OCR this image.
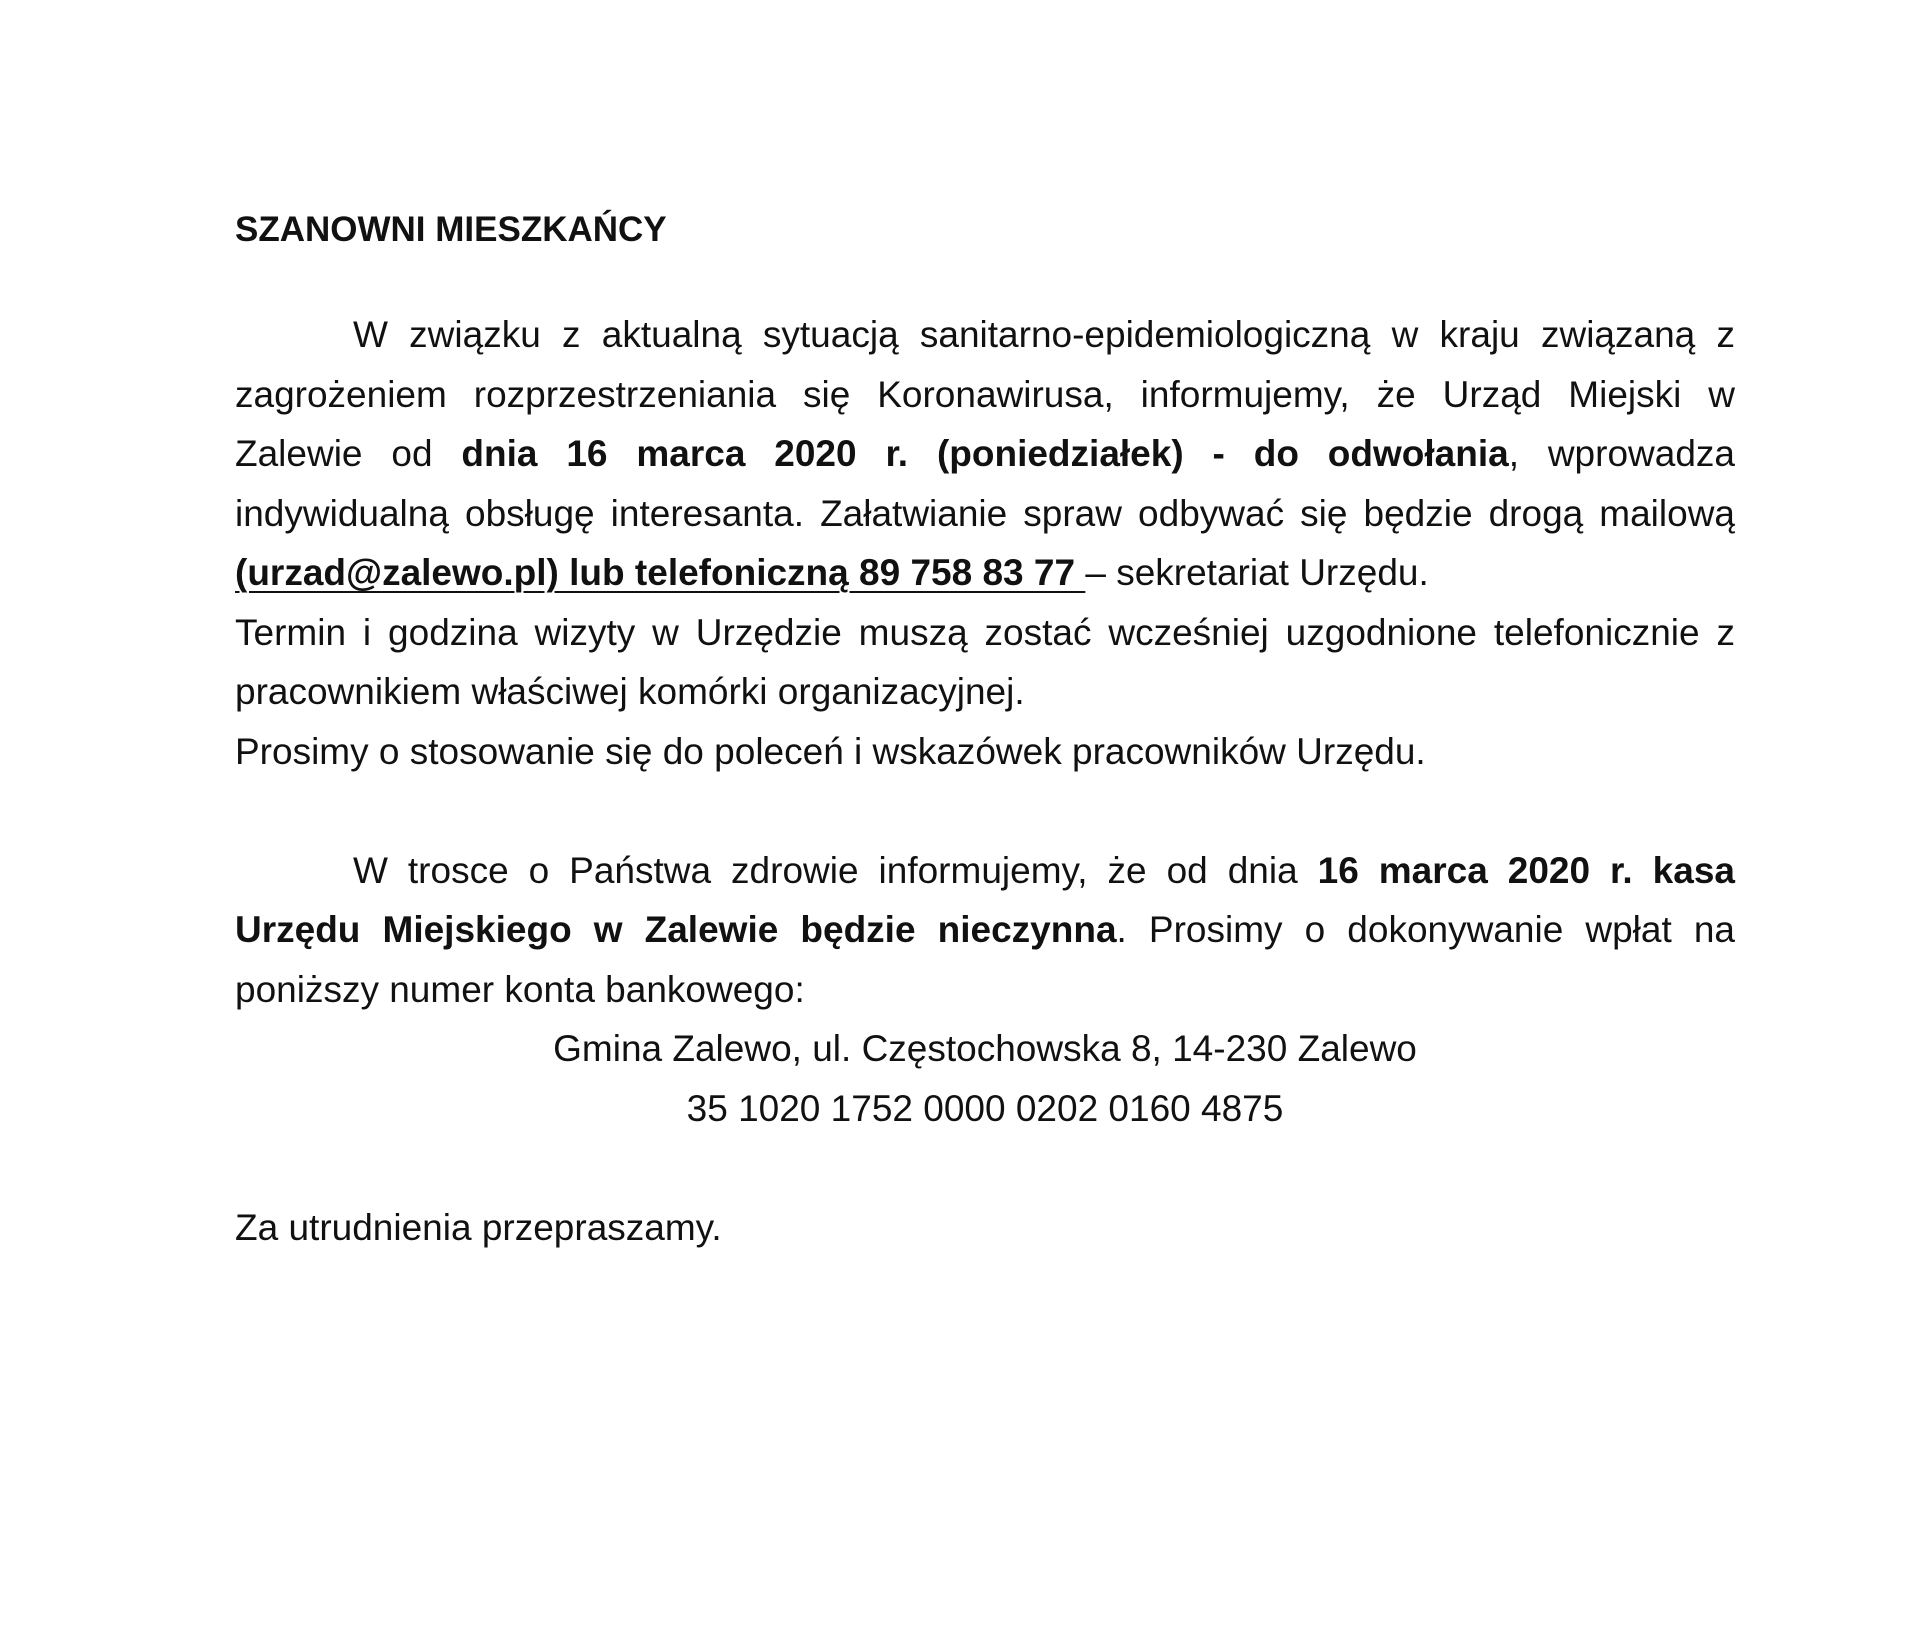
SZANOWNI MIESZKAŃCY

W związku z aktualną sytuacją sanitarno-epidemiologiczną w kraju związaną z zagrożeniem rozprzestrzeniania się Koronawirusa, informujemy, że Urząd Miejski w Zalewie od dnia 16 marca 2020 r. (poniedziałek) - do odwołania, wprowadza indywidualną obsługę interesanta. Załatwianie spraw odbywać się będzie drogą mailową (urzad@zalewo.pl) lub telefoniczną 89 758 83 77 – sekretariat Urzędu.

Termin i godzina wizyty w Urzędzie muszą zostać wcześniej uzgodnione telefonicznie z pracownikiem właściwej komórki organizacyjnej.

Prosimy o stosowanie się do poleceń i wskazówek pracowników Urzędu.

W trosce o Państwa zdrowie informujemy, że od dnia 16 marca 2020 r. kasa Urzędu Miejskiego w Zalewie będzie nieczynna. Prosimy o dokonywanie wpłat na poniższy numer konta bankowego:

Gmina Zalewo, ul. Częstochowska 8, 14-230 Zalewo
35 1020 1752 0000 0202 0160 4875

Za utrudnienia przepraszamy.
